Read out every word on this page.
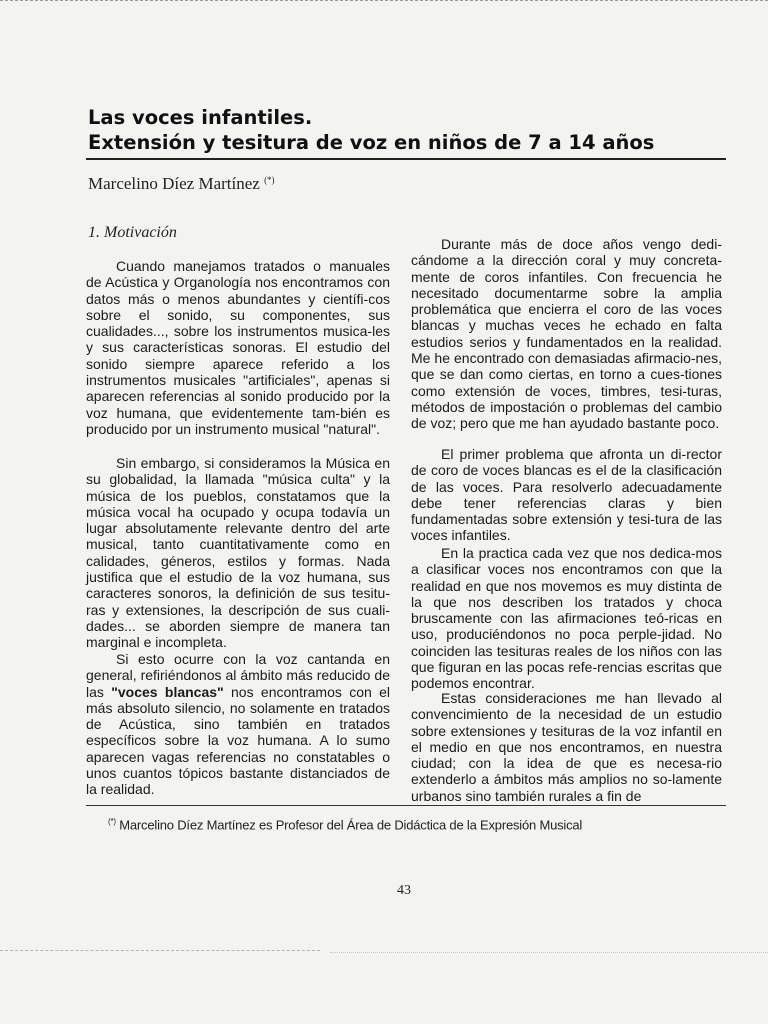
Las voces infantiles.
Extensión y tesitura de voz en niños de 7 a 14 años
Marcelino Díez Martínez (*)
1. Motivación

Cuando manejamos tratados o manuales de Acústica y Organología nos encontramos con datos más o menos abundantes y científi-cos sobre el sonido, su componentes, sus cualidades..., sobre los instrumentos musica-les y sus características sonoras. El estudio del sonido siempre aparece referido a los instrumentos musicales "artificiales", apenas si aparecen referencias al sonido producido por la voz humana, que evidentemente tam-bién es producido por un instrumento musical "natural".

Sin embargo, si consideramos la Música en su globalidad, la llamada "música culta" y la música de los pueblos, constatamos que la música vocal ha ocupado y ocupa todavía un lugar absolutamente relevante dentro del arte musical, tanto cuantitativamente como en calidades, géneros, estilos y formas. Nada justifica que el estudio de la voz humana, sus caracteres sonoros, la definición de sus tesitu-ras y extensiones, la descripción de sus cuali-dades... se aborden siempre de manera tan marginal e incompleta.

Si esto ocurre con la voz cantanda en general, refiriéndonos al ámbito más reducido de las "voces blancas" nos encontramos con el más absoluto silencio, no solamente en tratados de Acústica, sino también en tratados específicos sobre la voz humana. A lo sumo aparecen vagas referencias no constatables o unos cuantos tópicos bastante distanciados de la realidad.

Durante más de doce años vengo dedi-cándome a la dirección coral y muy concreta-mente de coros infantiles. Con frecuencia he necesitado documentarme sobre la amplia problemática que encierra el coro de las voces blancas y muchas veces he echado en falta estudios serios y fundamentados en la realidad. Me he encontrado con demasiadas afirmacio-nes, que se dan como ciertas, en torno a cues-tiones como extensión de voces, timbres, tesi-turas, métodos de impostación o problemas del cambio de voz; pero que me han ayudado bastante poco.

El primer problema que afronta un di-rector de coro de voces blancas es el de la clasificación de las voces. Para resolverlo adecuadamente debe tener referencias claras y bien fundamentadas sobre extensión y tesi-tura de las voces infantiles.

En la practica cada vez que nos dedica-mos a clasificar voces nos encontramos con que la realidad en que nos movemos es muy distinta de la que nos describen los tratados y choca bruscamente con las afirmaciones teó-ricas en uso, produciéndonos no poca perple-jidad. No coinciden las tesituras reales de los niños con las que figuran en las pocas refe-rencias escritas que podemos encontrar.

Estas consideraciones me han llevado al convencimiento de la necesidad de un estudio sobre extensiones y tesituras de la voz infantil en el medio en que nos encontramos, en nuestra ciudad; con la idea de que es necesa-rio extenderlo a ámbitos más amplios no so-lamente urbanos sino también rurales a fin de

(*) Marcelino Díez Martínez es Profesor del Área de Didáctica de la Expresión Musical
43
